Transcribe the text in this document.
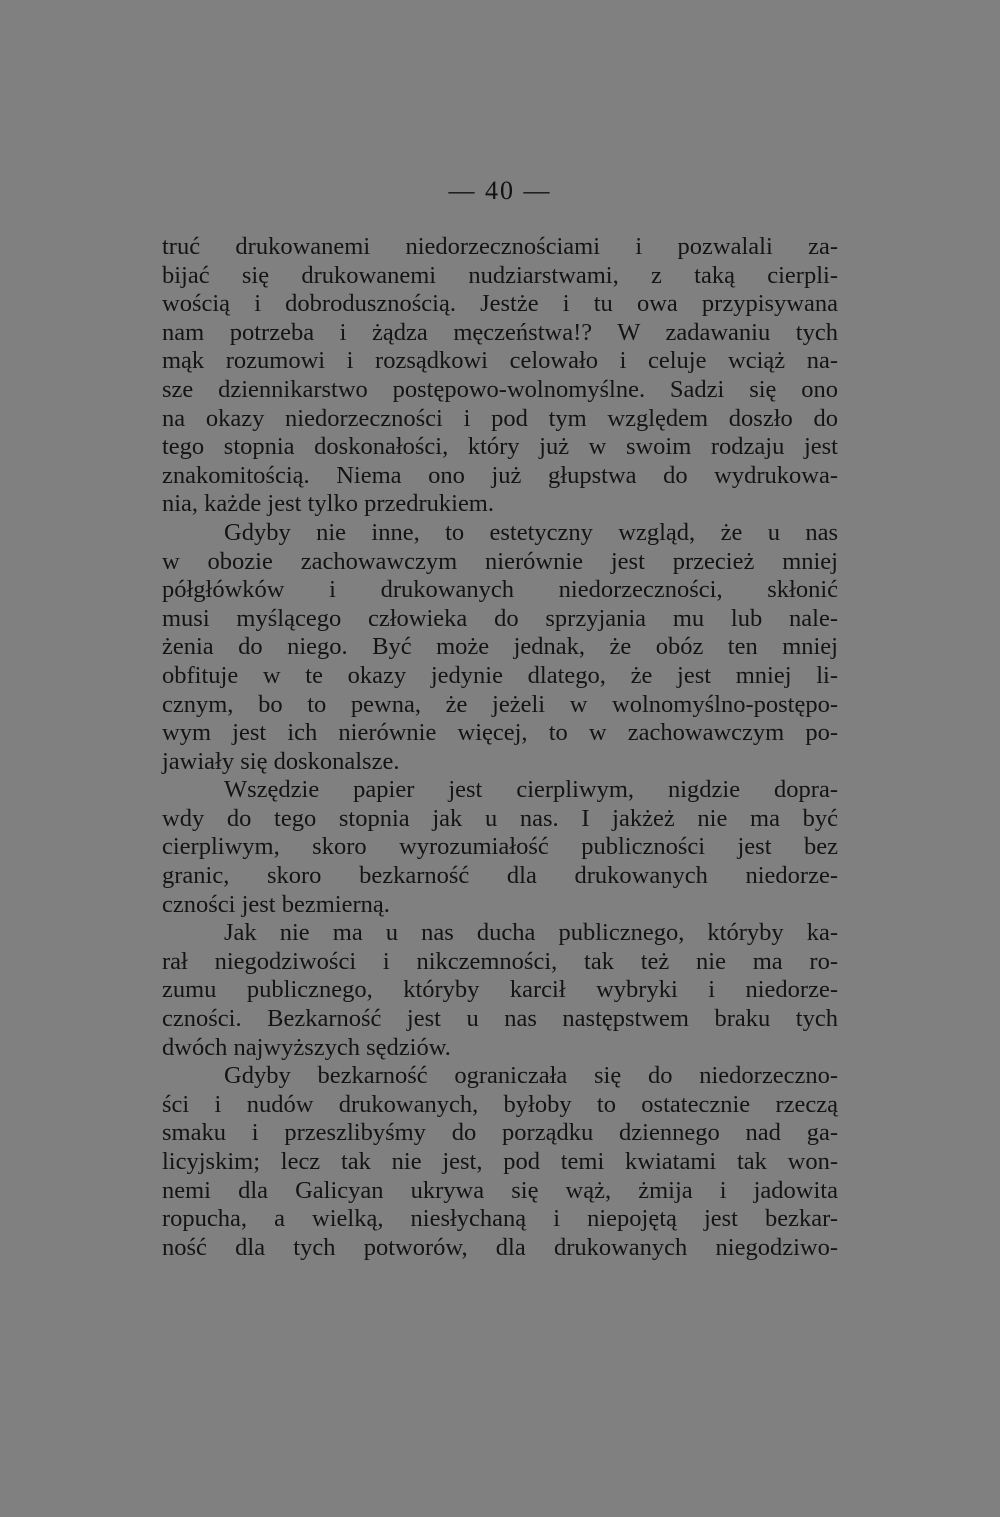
— 40 —
truć drukowanemi niedorzecznościami i pozwalali za-
bijać się drukowanemi nudziarstwami, z taką cierpli-
wością i dobrodusznością. Jestże i tu owa przypisywana
nam potrzeba i żądza męczeństwa!? W zadawaniu tych
mąk rozumowi i rozsądkowi celowało i celuje wciąż na-
sze dziennikarstwo postępowo-wolnomyślne. Sadzi się ono
na okazy niedorzeczności i pod tym względem doszło do
tego stopnia doskonałości, który już w swoim rodzaju jest
znakomitością. Niema ono już głupstwa do wydrukowa-
nia, każde jest tylko przedrukiem.
Gdyby nie inne, to estetyczny wzgląd, że u nas
w obozie zachowawczym nierównie jest przecież mniej
półgłówków i drukowanych niedorzeczności, skłonić
musi myślącego człowieka do sprzyjania mu lub nale-
żenia do niego. Być może jednak, że obóz ten mniej
obfituje w te okazy jedynie dlatego, że jest mniej li-
cznym, bo to pewna, że jeżeli w wolnomyślno-postępo-
wym jest ich nierównie więcej, to w zachowawczym po-
jawiały się doskonalsze.
Wszędzie papier jest cierpliwym, nigdzie dopra-
wdy do tego stopnia jak u nas. I jakżeż nie ma być
cierpliwym, skoro wyrozumiałość publiczności jest bez
granic, skoro bezkarność dla drukowanych niedorze-
czności jest bezmierną.
Jak nie ma u nas ducha publicznego, któryby ka-
rał niegodziwości i nikczemności, tak też nie ma ro-
zumu publicznego, któryby karcił wybryki i niedorze-
czności. Bezkarność jest u nas następstwem braku tych
dwóch najwyższych sędziów.
Gdyby bezkarność ograniczała się do niedorzeczno-
ści i nudów drukowanych, byłoby to ostatecznie rzeczą
smaku i przeszlibyśmy do porządku dziennego nad ga-
licyjskim; lecz tak nie jest, pod temi kwiatami tak won-
nemi dla Galicyan ukrywa się wąż, żmija i jadowita
ropucha, a wielką, niesłychaną i niepojętą jest bezkar-
ność dla tych potworów, dla drukowanych niegodziwo-
